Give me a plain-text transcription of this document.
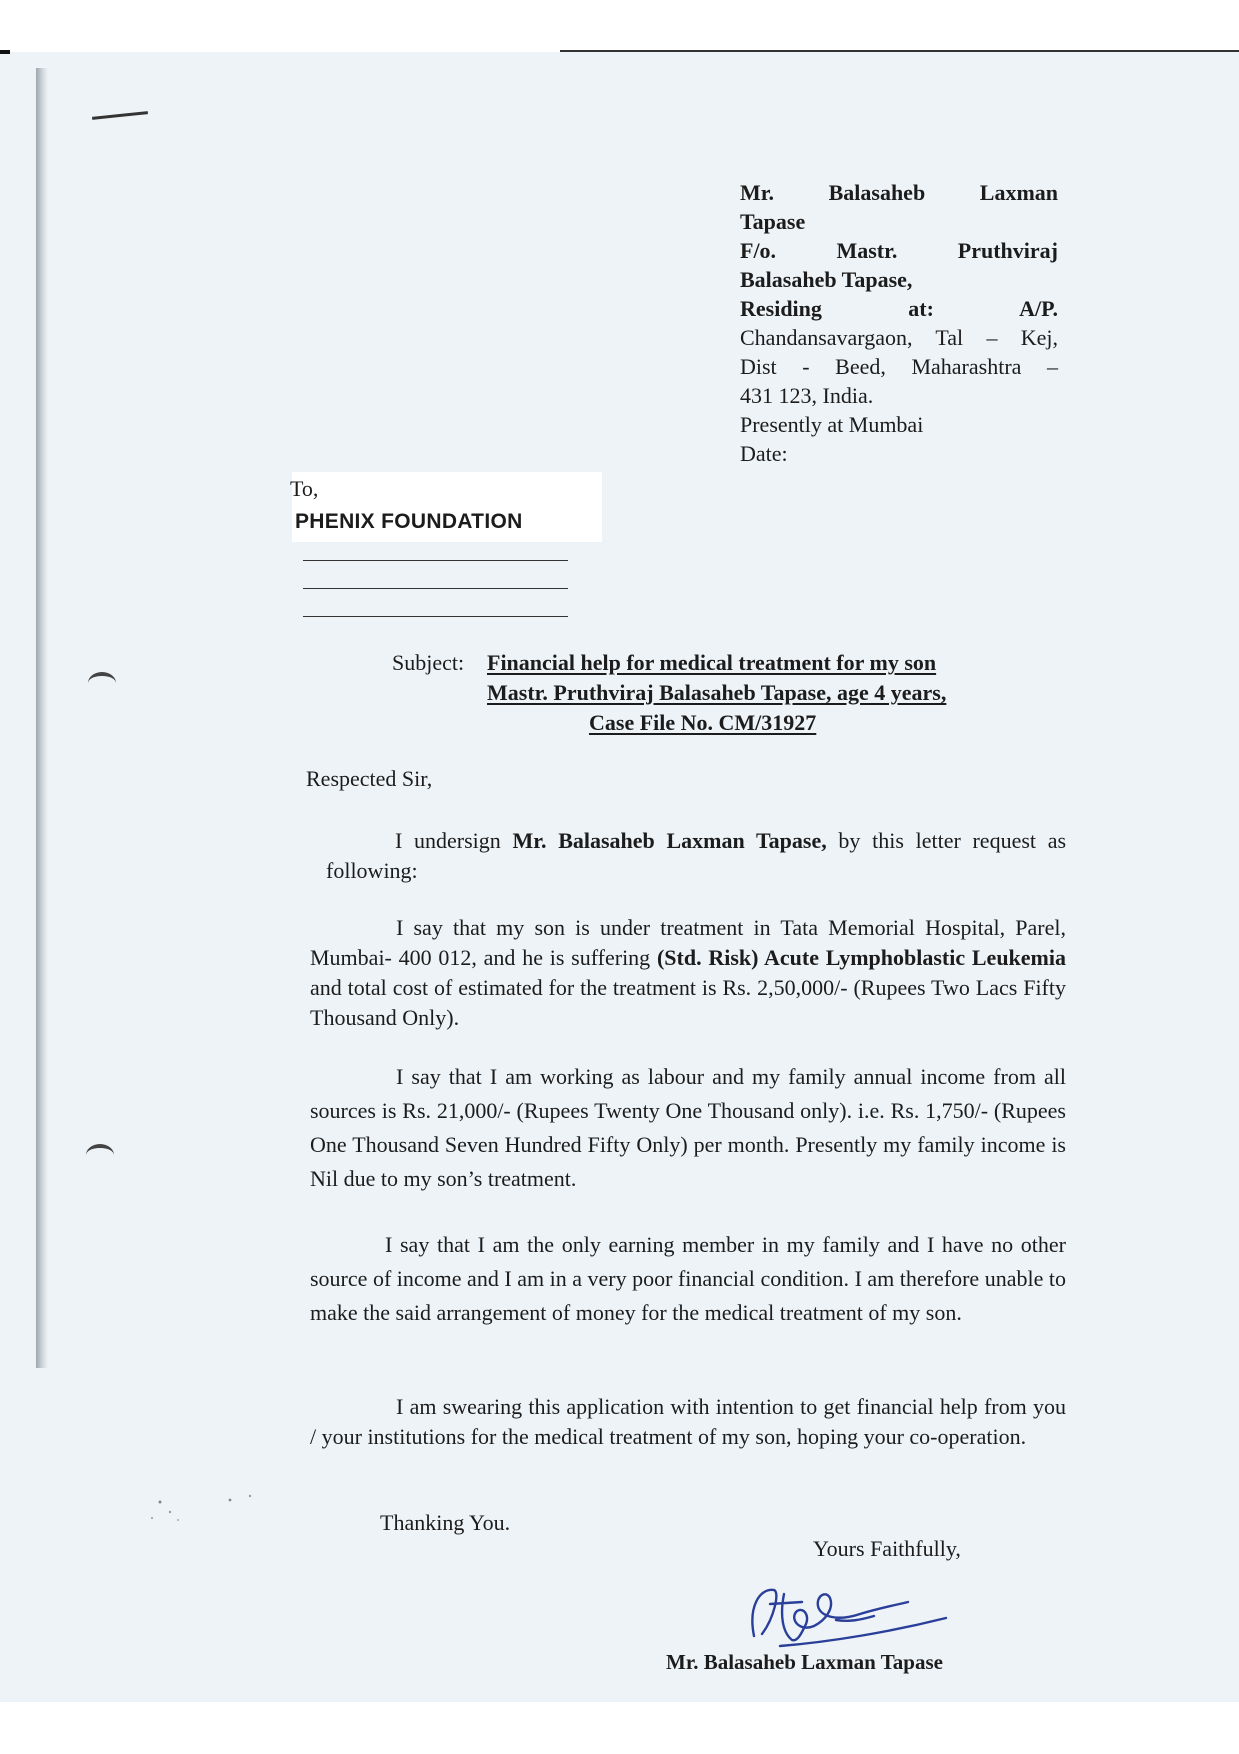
Mr. Balasaheb Laxman

Tapase

F/o. Mastr. Pruthviraj

Balasaheb Tapase,

Residing at: A/P.

Chandansavargaon, Tal – Kej,

Dist - Beed, Maharashtra –

431 123, India.

Presently at Mumbai

Date:

To,
PHENIX FOUNDATION
Subject: Financial help for medical treatment for my son
Mastr. Pruthviraj Balasaheb Tapase, age 4 years,
Case File No. CM/31927
Respected Sir,

I undersign Mr. Balasaheb Laxman Tapase, by this letter request as following:

I say that my son is under treatment in Tata Memorial Hospital, Parel, Mumbai- 400 012, and he is suffering (Std. Risk) Acute Lymphoblastic Leukemia and total cost of estimated for the treatment is Rs. 2,50,000/- (Rupees Two Lacs Fifty Thousand Only).

I say that I am working as labour and my family annual income from all sources is Rs. 21,000/- (Rupees Twenty One Thousand only). i.e. Rs. 1,750/- (Rupees One Thousand Seven Hundred Fifty Only) per month. Presently my family income is Nil due to my son’s treatment.

I say that I am the only earning member in my family and I have no other source of income and I am in a very poor financial condition. I am therefore unable to make the said arrangement of money for the medical treatment of my son.

I am swearing this application with intention to get financial help from you / your institutions for the medical treatment of my son, hoping your co-operation.

Thanking You.
Yours Faithfully,
Mr. Balasaheb Laxman Tapase
